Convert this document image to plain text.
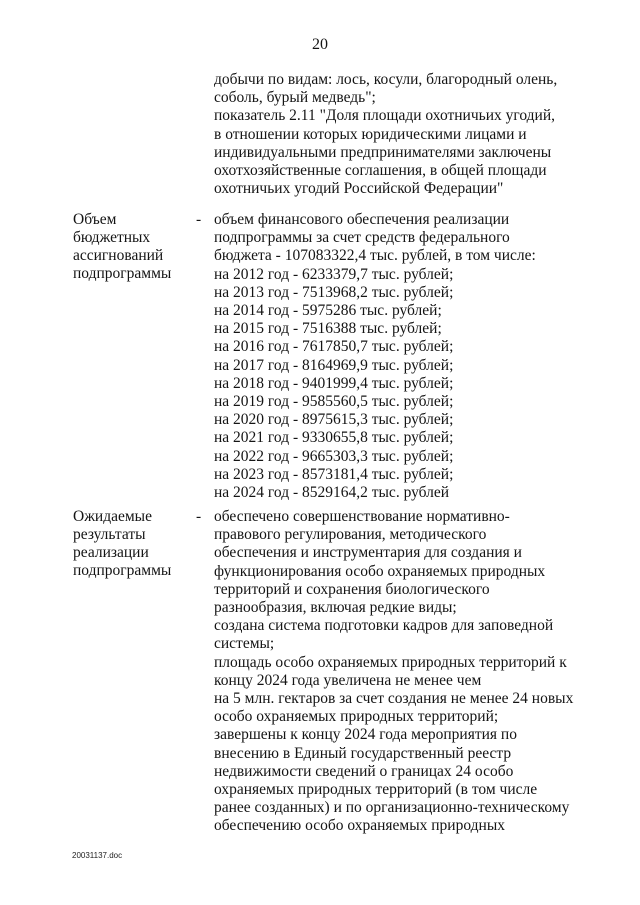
20
добычи по видам: лось, косули, благородный олень,
соболь, бурый медведь";
показатель 2.11 "Доля площади охотничьих угодий,
в отношении которых юридическими лицами и
индивидуальными предпринимателями заключены
охотхозяйственные соглашения, в общей площади
охотничьих угодий Российской Федерации"
Объем
бюджетных
ассигнований
подпрограммы
- объем финансового обеспечения реализации
подпрограммы за счет средств федерального
бюджета - 107083322,4 тыс. рублей, в том числе:
на 2012 год - 6233379,7 тыс. рублей;
на 2013 год - 7513968,2 тыс. рублей;
на 2014 год - 5975286 тыс. рублей;
на 2015 год - 7516388 тыс. рублей;
на 2016 год - 7617850,7 тыс. рублей;
на 2017 год - 8164969,9 тыс. рублей;
на 2018 год - 9401999,4 тыс. рублей;
на 2019 год - 9585560,5 тыс. рублей;
на 2020 год - 8975615,3 тыс. рублей;
на 2021 год - 9330655,8 тыс. рублей;
на 2022 год - 9665303,3 тыс. рублей;
на 2023 год - 8573181,4 тыс. рублей;
на 2024 год - 8529164,2 тыс. рублей
Ожидаемые
результаты
реализации
подпрограммы
- обеспечено совершенствование нормативно-
правового регулирования, методического
обеспечения и инструментария для создания и
функционирования особо охраняемых природных
территорий и сохранения биологического
разнообразия, включая редкие виды;
создана система подготовки кадров для заповедной
системы;
площадь особо охраняемых природных территорий к
концу 2024 года увеличена не менее чем
на 5 млн. гектаров за счет создания не менее 24 новых
особо охраняемых природных территорий;
завершены к концу 2024 года мероприятия по
внесению в Единый государственный реестр
недвижимости сведений о границах 24 особо
охраняемых природных территорий (в том числе
ранее созданных) и по организационно-техническому
обеспечению особо охраняемых природных
20031137.doc
